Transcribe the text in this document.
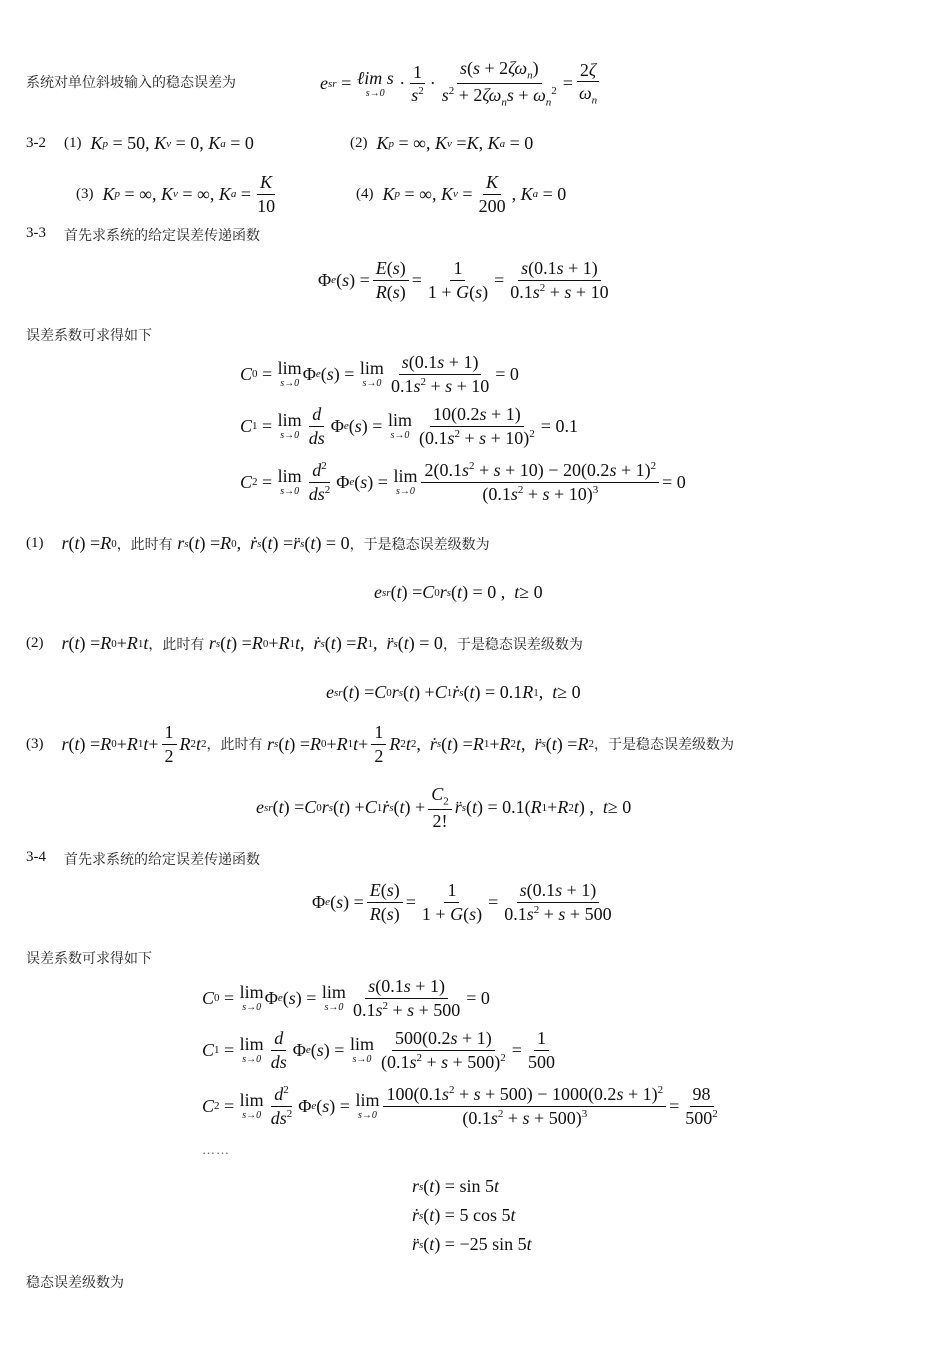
系统对单位斜坡输入的稳态误差为	e sr = ℓim s
$s\to 0 \cdot \frac{1}{s^2} \cdot \frac{s(s + 2\zeta\omega_n)}{s^2 + 2\zeta\omega_ns + \omega_n^2} = \frac{2\zeta}{\omega_n}$
3-2 (1)
K p = 50, K v = 0, K a = 0	(2)
K p = ∞, K v = K , K a = 0
(3)
K p = ∞, K v = ∞, K $a = \frac{K}{10}$	(4)
K p = ∞, K $v = \frac{K}{200}$ , K a = 0
3-3 首先求系统的给定误差传递函数
Φ e ( s ) = $\frac{E(s)}{R(s)} = \frac{1}{1 + G(s)} = \frac{s(0.1s + 1)}{0.1s^2 + s + 10}$
误差系数可求得如下
C 0 = lim
s→0 Φ e ( s ) = lim
$s\to 0 \frac{s(0.1s + 1)}{0.1s^2 + s + 10} = 0$
C 1 = lim
$s\to 0 \frac{d}{ds}$ Φ e ( s ) = lim
$s\to 0 \frac{10(0.2s + 1)}{(0.1s^2 + s + 10)^2} = 0.1$
C 2 = lim
$s\to 0 \frac{d^2}{ds^2}$ Φ e ( s ) = lim
$s\to 0 \frac{2(0.1s^2 + s + 10) - 20(0.2s + 1)^2}{(0.1s^2 + s + 10)^3} = 0$
(1)
r ( t ) = R 0 ，此时有
r s ( t ) = R 0 , ṙ s ( t ) = r̈ s ( t ) = 0 ，于是稳态误差级数为
e sr ( t ) = C 0 r s ( t ) = 0 , t ≥ 0
(2)
r ( t ) = R 0 + R 1 t ，此时有
r s ( t ) = R 0 + R 1 t , ṙ s ( t ) = R 1 , r̈ s ( t ) = 0 ，于是稳态误差级数为
e sr ( t ) = C 0 r s ( t ) + C 1 ṙ s ( t ) = 0.1 R 1 , t ≥ 0
(3)
r ( t ) = R 0 + R 1 $t + \frac{1}{2}$ R 2 t 2 ，此时有
r s ( t ) = R 0 + R 1 $t + \frac{1}{2}$ R 2 t 2 , ṙ s ( t ) = R 1 + R 2 t , r̈ s ( t ) = R 2 ，于是稳态误差级数为
e sr ( t ) = C 0 r s ( t ) + C 1 ṙ s ( t ) + $\frac{C_2}{2!}$ r̈ s ( t ) = 0.1( R 1 + R 2 t ) , t ≥ 0
3-4 首先求系统的给定误差传递函数
Φ e ( s ) = $\frac{E(s)}{R(s)} = \frac{1}{1 + G(s)} = \frac{s(0.1s + 1)}{0.1s^2 + s + 500}$
误差系数可求得如下
C 0 = lim
s→0 Φ e ( s ) = lim
$s\to 0 \frac{s(0.1s + 1)}{0.1s^2 + s + 500} = 0$
C 1 = lim
$s\to 0 \frac{d}{ds}$ Φ e ( s ) = lim
$s\to 0 \frac{500(0.2s + 1)}{(0.1s^2 + s + 500)^2} = \frac{1}{500}$
C 2 = lim
$s\to 0 \frac{d^2}{ds^2}$ Φ e ( s ) = lim
$s\to 0 \frac{100(0.1s^2 + s + 500) - 1000(0.2s + 1)^2}{(0.1s^2 + s + 500)^3} = \frac{98}{500^2}$
……
r s ( t ) = sin 5 t
ṙ s ( t ) = 5 cos 5 t
r̈ s ( t ) = −25 sin 5 t
稳态误差级数为
